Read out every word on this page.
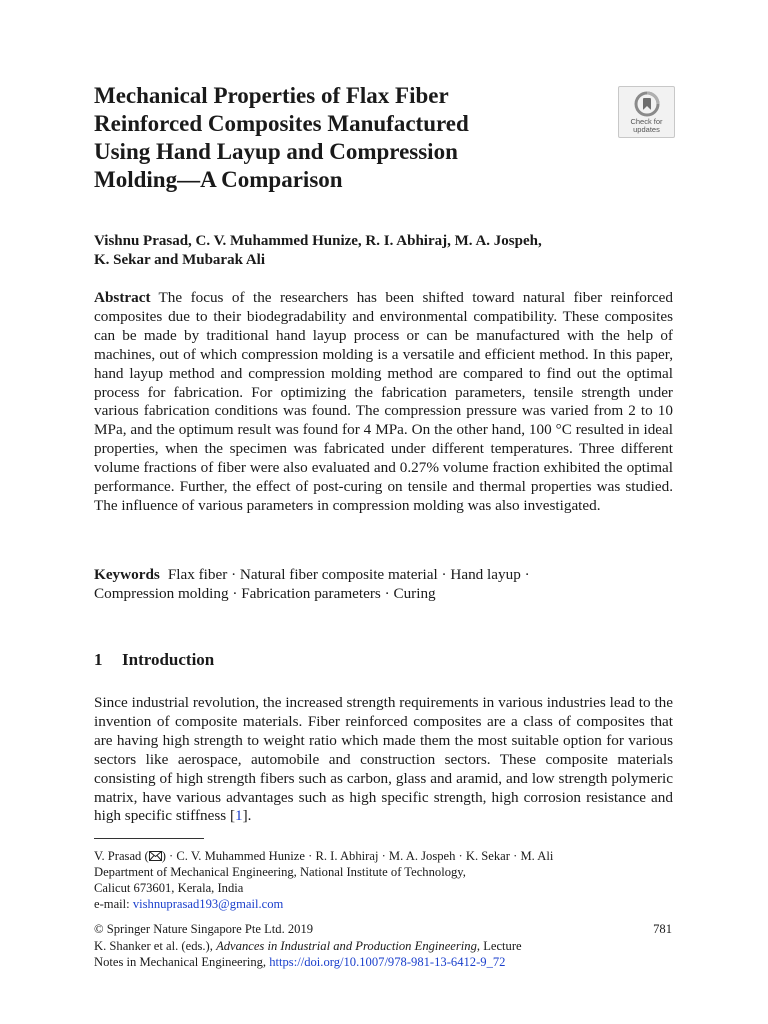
Mechanical Properties of Flax Fiber
Reinforced Composites Manufactured
Using Hand Layup and Compression
Molding—A Comparison
Check for
updates

Vishnu Prasad, C. V. Muhammed Hunize, R. I. Abhiraj, M. A. Jospeh,
K. Sekar and Mubarak Ali

Abstract The focus of the researchers has been shifted toward natural fiber reinforced composites due to their biodegradability and environmental compatibility. These composites can be made by traditional hand layup process or can be manufactured with the help of machines, out of which compression molding is a versatile and efficient method. In this paper, hand layup method and compression molding method are compared to find out the optimal process for fabrication. For optimizing the fabrication parameters, tensile strength under various fabrication conditions was found. The compression pressure was varied from 2 to 10 MPa, and the optimum result was found for 4 MPa. On the other hand, 100 °C resulted in ideal properties, when the specimen was fabricated under different temperatures. Three different volume fractions of fiber were also evaluated and 0.27% volume fraction exhibited the optimal performance. Further, the effect of post-curing on tensile and thermal properties was studied. The influence of various parameters in compression molding was also investigated.
Keywords Flax fiber · Natural fiber composite material · Hand layup ·
Compression molding · Fabrication parameters · Curing
1 Introduction
Since industrial revolution, the increased strength requirements in various industries lead to the invention of composite materials. Fiber reinforced composites are a class of composites that are having high strength to weight ratio which made them the most suitable option for various sectors like aerospace, automobile and construction sectors. These composite materials consisting of high strength fibers such as carbon, glass and aramid, and low strength polymeric matrix, have various advantages such as high specific strength, high corrosion resistance and high specific stiffness [1].
V. Prasad ( ) · C. V. Muhammed Hunize · R. I. Abhiraj · M. A. Jospeh · K. Sekar · M. Ali
Department of Mechanical Engineering, National Institute of Technology,
Calicut 673601, Kerala, India
e-mail: vishnuprasad193@gmail.com
© Springer Nature Singapore Pte Ltd. 2019
K. Shanker et al. (eds.), Advances in Industrial and Production Engineering, Lecture
Notes in Mechanical Engineering, https://doi.org/10.1007/978-981-13-6412-9_72
781
